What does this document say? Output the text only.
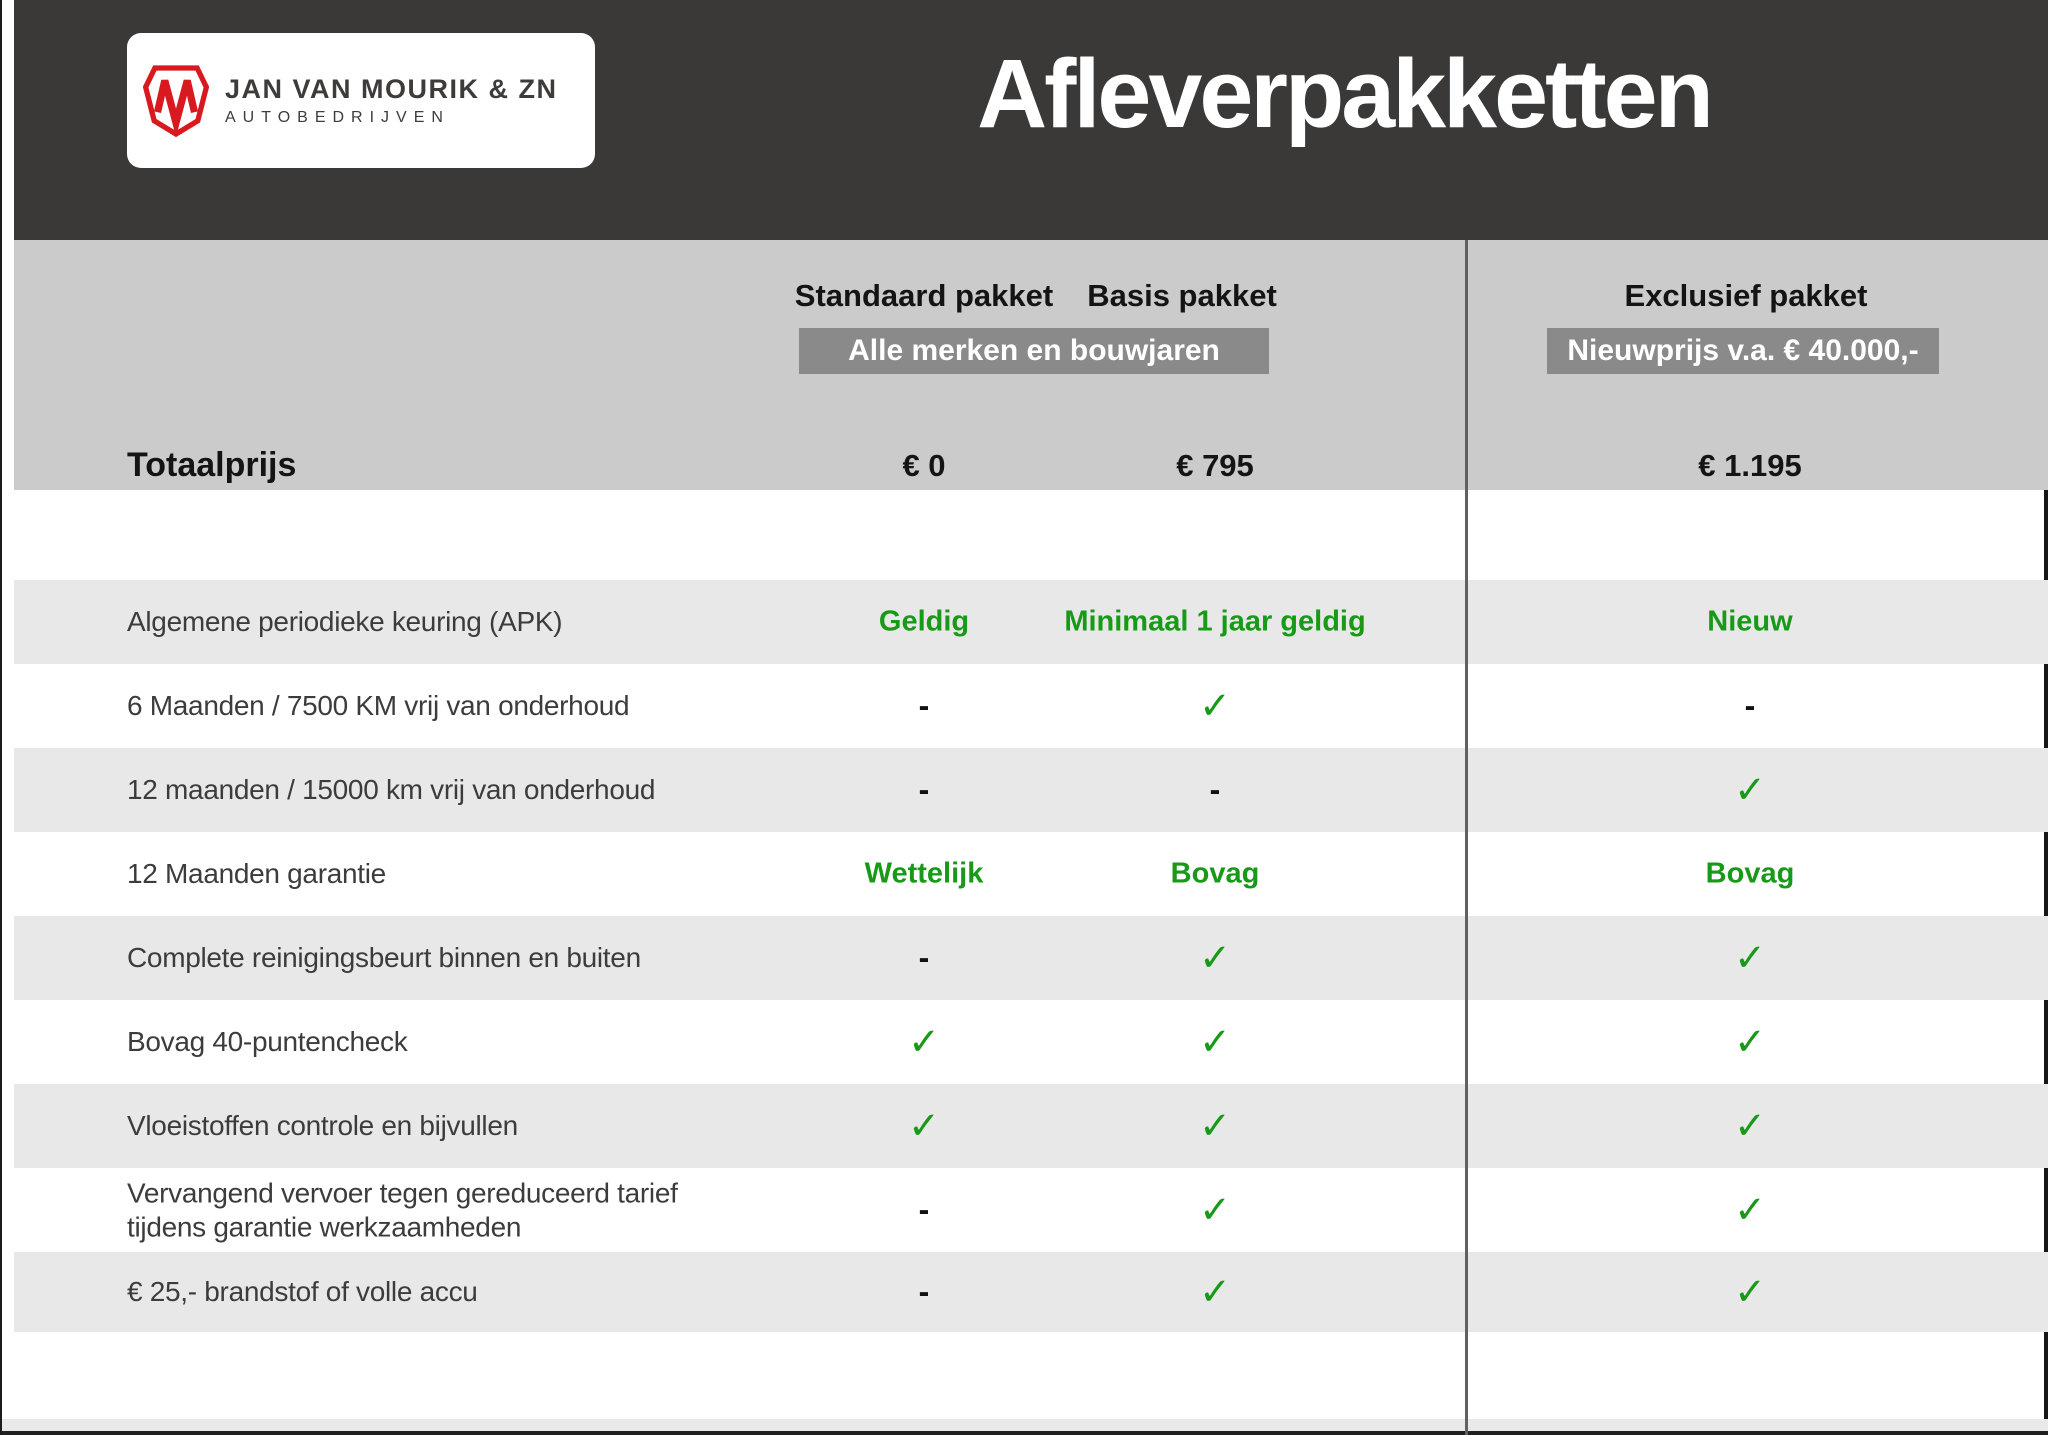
JAN VAN MOURIK & ZN
AUTOBEDRIJVEN	Afleverpakketten
Standaard pakket Basis pakket	Exclusief pakket
Alle merken en bouwjaren	Nieuwprijs v.a. € 40.000,-
Totaalprijs	€ 0	€ 795	€ 1.195
Algemene periodieke keuring (APK)	Geldig	Minimaal 1 jaar geldig	Nieuw
6 Maanden / 7500 KM vrij van onderhoud	-	✓	-
12 maanden / 15000 km vrij van onderhoud	-	-	✓
12 Maanden garantie	Wettelijk	Bovag	Bovag
Complete reinigingsbeurt binnen en buiten	-	✓	✓
Bovag 40-puntencheck	✓	✓	✓
Vloeistoffen controle en bijvullen	✓	✓	✓
Vervangend vervoer tegen gereduceerd tarief tijdens garantie werkzaamheden	-	✓	✓
€ 25,- brandstof of volle accu	-	✓	✓
